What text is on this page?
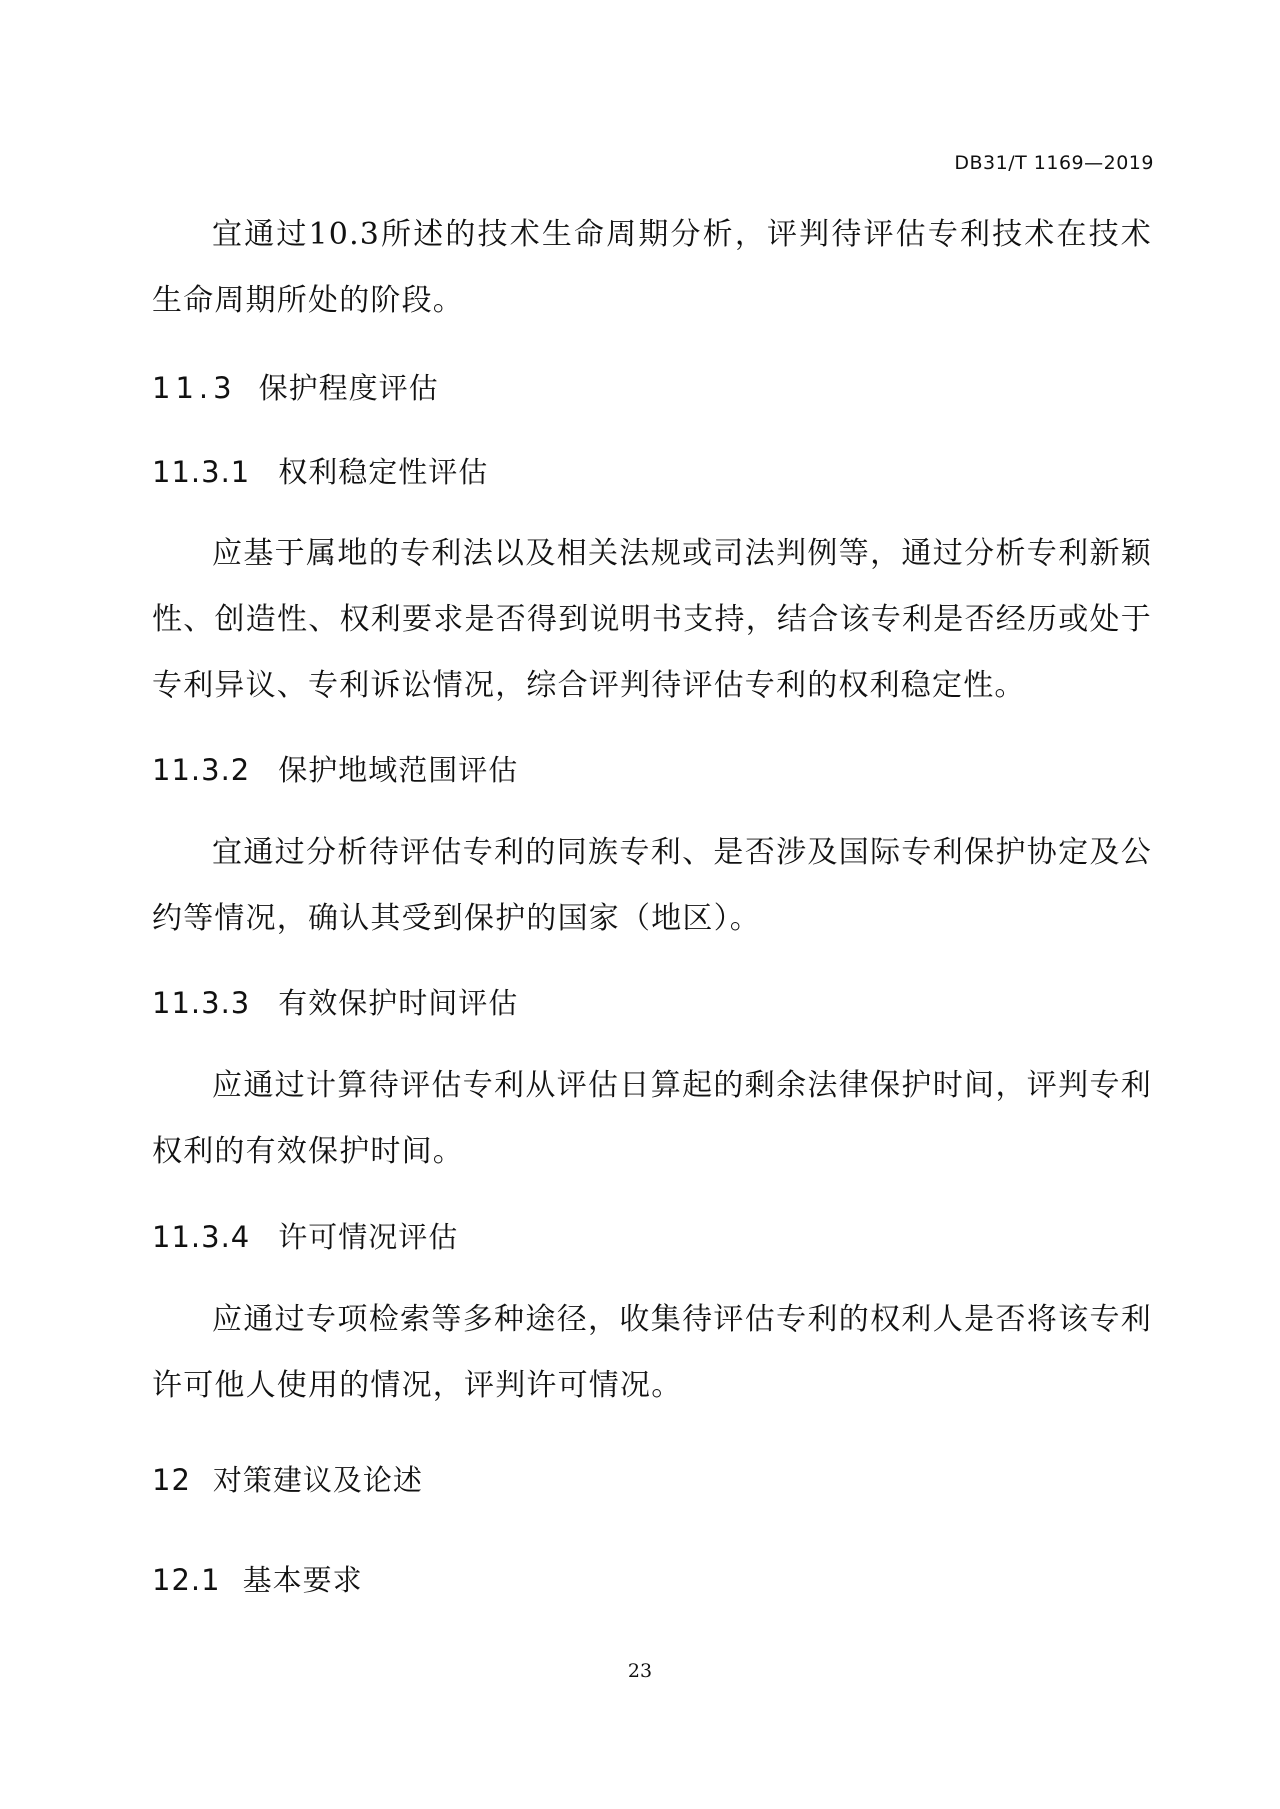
DB31/T 1169—2019
宜通过10.3所述的技术生命周期分析，评判待评估专利技术在技术生命周期所处的阶段。
11.3 保护程度评估
11.3.1 权利稳定性评估
应基于属地的专利法以及相关法规或司法判例等，通过分析专利新颖性、创造性、权利要求是否得到说明书支持，结合该专利是否经历或处于专利异议、专利诉讼情况，综合评判待评估专利的权利稳定性。
11.3.2 保护地域范围评估
宜通过分析待评估专利的同族专利、是否涉及国际专利保护协定及公约等情况，确认其受到保护的国家（地区）。
11.3.3 有效保护时间评估
应通过计算待评估专利从评估日算起的剩余法律保护时间，评判专利权利的有效保护时间。
11.3.4 许可情况评估
应通过专项检索等多种途径，收集待评估专利的权利人是否将该专利许可他人使用的情况，评判许可情况。
12 对策建议及论述
12.1 基本要求
23
